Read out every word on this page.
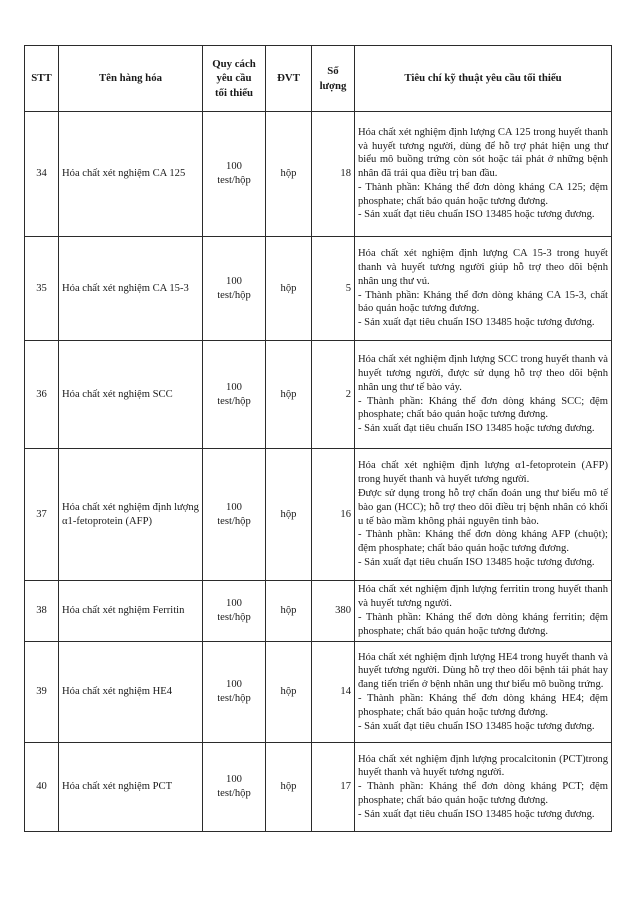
STT	Tên hàng hóa	Quy cách
yêu cầu
tối thiểu	ĐVT	Số
lượng	Tiêu chí kỹ thuật yêu cầu tối thiểu
34	Hóa chất xét nghiệm CA 125	100
test/hộp	hộp	18	Hóa chất xét nghiệm định lượng CA 125 trong huyết thanh và huyết tương người, dùng để hỗ trợ phát hiện ung thư biểu mô buồng trứng còn sót hoặc tái phát ở những bệnh nhân đã trải qua điều trị ban đầu.
- Thành phần: Kháng thể đơn dòng kháng CA 125; đệm phosphate; chất bảo quản hoặc tương đương.
- Sản xuất đạt tiêu chuẩn ISO 13485 hoặc tương đương.

35	Hóa chất xét nghiệm CA 15-3	100
test/hộp	hộp	5	Hóa chất xét nghiệm định lượng CA 15-3 trong huyết thanh và huyết tương người giúp hỗ trợ theo dõi bệnh nhân ung thư vú.
- Thành phần: Kháng thể đơn dòng kháng CA 15-3, chất bảo quản hoặc tương đương.
- Sản xuất đạt tiêu chuẩn ISO 13485 hoặc tương đương.

36	Hóa chất xét nghiệm SCC	100
test/hộp	hộp	2	Hóa chất xét nghiệm định lượng SCC trong huyết thanh và huyết tương người, được sử dụng hỗ trợ theo dõi bệnh nhân ung thư tế bào vảy.
- Thành phần: Kháng thể đơn dòng kháng SCC; đệm phosphate; chất bảo quản hoặc tương đương.
- Sản xuất đạt tiêu chuẩn ISO 13485 hoặc tương đương.

37	Hóa chất xét nghiệm định lượng α1-fetoprotein (AFP)	100
test/hộp	hộp	16	Hóa chất xét nghiệm định lượng α1-fetoprotein (AFP) trong huyết thanh và huyết tương người.
Được sử dụng trong hỗ trợ chẩn đoán ung thư biểu mô tế bào gan (HCC); hỗ trợ theo dõi điều trị bệnh nhân có khối u tế bào mầm không phải nguyên tinh bào.
- Thành phần: Kháng thể đơn dòng kháng AFP (chuột); đệm phosphate; chất bảo quản hoặc tương đương.
- Sản xuất đạt tiêu chuẩn ISO 13485 hoặc tương đương.

38	Hóa chất xét nghiệm Ferritin	100
test/hộp	hộp	380	Hóa chất xét nghiệm định lượng ferritin trong huyết thanh và huyết tương người.
- Thành phần: Kháng thể đơn dòng kháng ferritin; đệm phosphate; chất bảo quản hoặc tương đương.

39	Hóa chất xét nghiệm HE4	100
test/hộp	hộp	14	Hóa chất xét nghiệm định lượng HE4 trong huyết thanh và huyết tương người. Dùng hỗ trợ theo dõi bệnh tái phát hay đang tiến triển ở bệnh nhân ung thư biểu mô buồng trứng.
- Thành phần: Kháng thể đơn dòng kháng HE4; đệm phosphate; chất bảo quản hoặc tương đương.
- Sản xuất đạt tiêu chuẩn ISO 13485 hoặc tương đương.

40	Hóa chất xét nghiệm PCT	100
test/hộp	hộp	17	Hóa chất xét nghiệm định lượng procalcitonin (PCT)trong huyết thanh và huyết tương người.
- Thành phần: Kháng thể đơn dòng kháng PCT; đệm phosphate; chất bảo quản hoặc tương đương.
- Sản xuất đạt tiêu chuẩn ISO 13485 hoặc tương đương.
